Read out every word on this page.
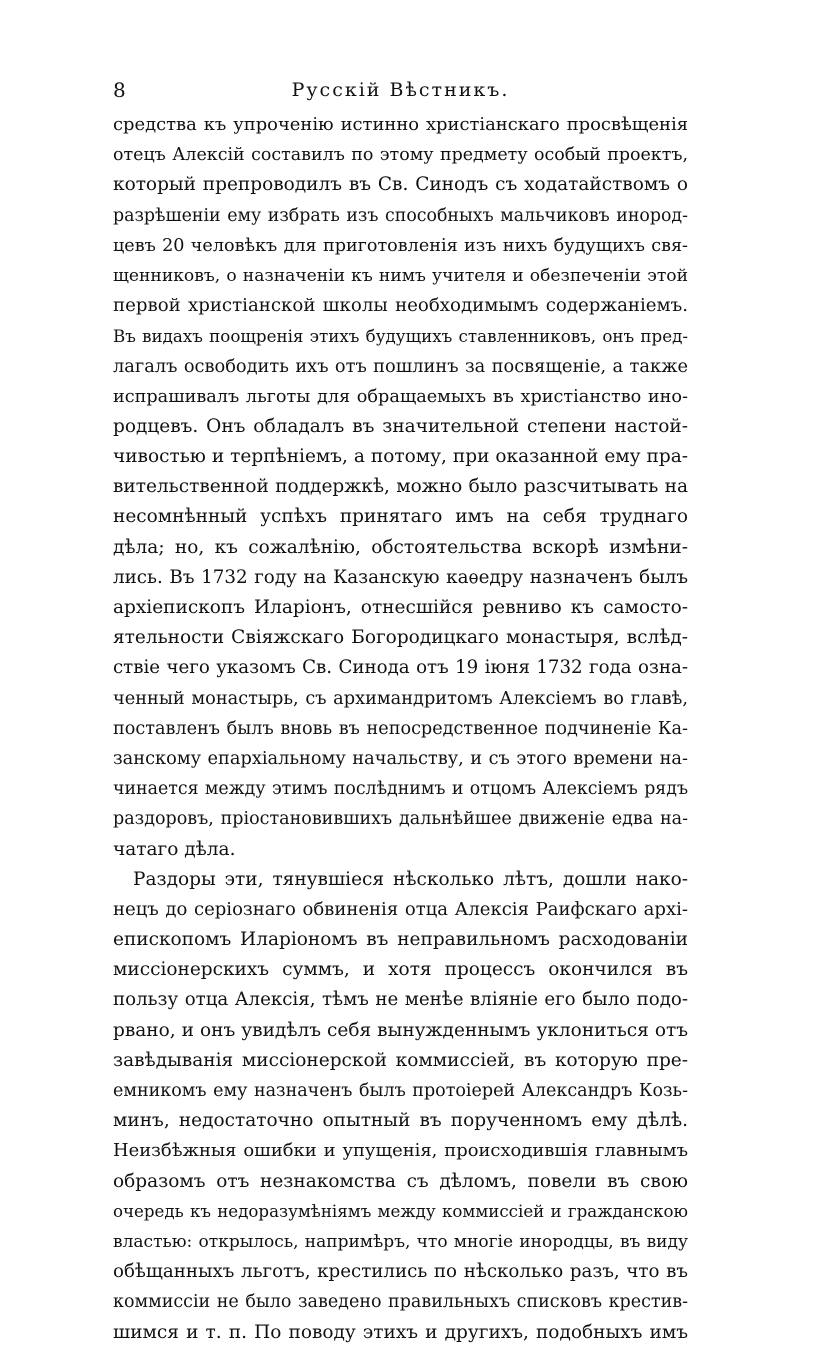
8	Русскій Вѣстникъ.
средства къ упроченію истинно христіанскаго просвѣщенія
отецъ Алексій составилъ по этому предмету особый проектъ,
который препроводилъ въ Св. Синодъ съ ходатайствомъ о
разрѣшеніи ему избрать изъ способныхъ мальчиковъ инород-
цевъ 20 человѣкъ для приготовленія изъ нихъ будущихъ свя-
щенниковъ, о назначеніи къ нимъ учителя и обезпеченіи этой
первой христіанской школы необходимымъ содержаніемъ.
Въ видахъ поощренія этихъ будущихъ ставленниковъ, онъ пред-
лагалъ освободить ихъ отъ пошлинъ за посвященіе, а также
испрашивалъ льготы для обращаемыхъ въ христіанство ино-
родцевъ. Онъ обладалъ въ значительной степени настой-
чивостью и терпѣніемъ, а потому, при оказанной ему пра-
вительственной поддержкѣ, можно было разсчитывать на
несомнѣнный успѣхъ принятаго имъ на себя труднаго
дѣла; но, къ сожалѣнію, обстоятельства вскорѣ измѣни-
лись. Въ 1732 году на Казанскую каѳедру назначенъ былъ
архіепископъ Иларіонъ, отнесшійся ревниво къ самосто-
ятельности Свіяжскаго Богородицкаго монастыря, вслѣд-
ствіе чего указомъ Св. Синода отъ 19 іюня 1732 года озна-
ченный монастырь, съ архимандритомъ Алексіемъ во главѣ,
поставленъ былъ вновь въ непосредственное подчиненіе Ка-
занскому епархіальному начальству, и съ этого времени на-
чинается между этимъ послѣднимъ и отцомъ Алексіемъ рядъ
раздоровъ, пріостановившихъ дальнѣйшее движеніе едва на-
чатаго дѣла.
Раздоры эти, тянувшіеся нѣсколько лѣтъ, дошли нако-
нецъ до серіознаго обвиненія отца Алексія Раифскаго архі-
епископомъ Иларіономъ въ неправильномъ расходованіи
миссіонерскихъ суммъ, и хотя процессъ окончился въ
пользу отца Алексія, тѣмъ не менѣе вліяніе его было подо-
рвано, и онъ увидѣлъ себя вынужденнымъ уклониться отъ
завѣдыванія миссіонерской коммиссіей, въ которую пре-
емникомъ ему назначенъ былъ протоіерей Александръ Козь-
минъ, недостаточно опытный въ порученномъ ему дѣлѣ.
Неизбѣжныя ошибки и упущенія, происходившія главнымъ
образомъ отъ незнакомства съ дѣломъ, повели въ свою
очередь къ недоразумѣніямъ между коммиссіей и гражданскою
властью: открылось, напримѣръ, что многіе инородцы, въ виду
обѣщанныхъ льготъ, крестились по нѣсколько разъ, что въ
коммиссіи не было заведено правильныхъ списковъ крестив-
шимся и т. п. По поводу этихъ и другихъ, подобныхъ имъ
